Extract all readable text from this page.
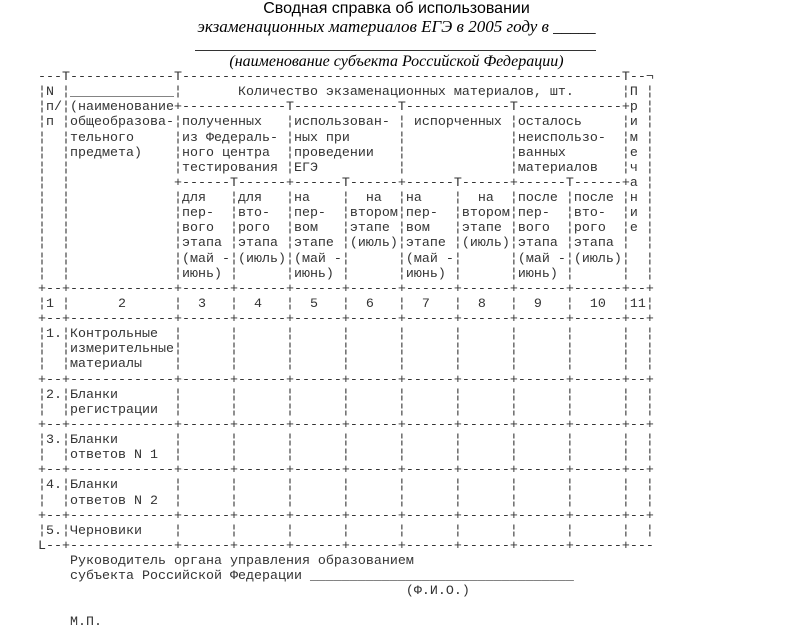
Сводная справка об использовании
экзаменационных материалов ЕГЭ в 2005 году в _____
(наименование субъекта Российской Федерации)
---T-------------T-------------------------------------------------------T--¬
¦N ¦_____________¦       Количество экзаменационных материалов, шт.      ¦П ¦
¦п/¦(наименование+-------------T-------------T-------------T-------------+р ¦
¦п ¦общеобразова-¦полученных   ¦использован- ¦ испорченных ¦осталось     ¦и ¦
¦  ¦тельного     ¦из Федераль- ¦ных при      ¦             ¦неиспользо-  ¦м ¦
¦  ¦предмета)    ¦ного центра  ¦проведении   ¦             ¦ванных       ¦е ¦
¦  ¦             ¦тестирования ¦ЕГЭ          ¦             ¦материалов   ¦ч ¦
¦  ¦             +------T------+------T------+------T------+------T------+а ¦
¦  ¦             ¦для   ¦для   ¦на    ¦  на  ¦на    ¦  на  ¦после ¦после ¦н ¦
¦  ¦             ¦пер-  ¦вто-  ¦пер-  ¦втором¦пер-  ¦втором¦пер-  ¦вто-  ¦и ¦
¦  ¦             ¦вого  ¦рого  ¦вом   ¦этапе ¦вом   ¦этапе ¦вого  ¦рого  ¦е ¦
¦  ¦             ¦этапа ¦этапа ¦этапе ¦(июль)¦этапе ¦(июль)¦этапа ¦этапа ¦  ¦
¦  ¦             ¦(май -¦(июль)¦(май -¦      ¦(май -¦      ¦(май -¦(июль)¦  ¦
¦  ¦             ¦июнь) ¦      ¦июнь) ¦      ¦июнь) ¦      ¦июнь) ¦      ¦  ¦
+--+-------------+------+------+------+------+------+------+------+------+--+
¦1 ¦      2      ¦  3   ¦  4   ¦  5   ¦  6   ¦  7   ¦  8   ¦  9   ¦  10  ¦11¦
+--+-------------+------+------+------+------+------+------+------+------+--+
¦1.¦Контрольные  ¦      ¦      ¦      ¦      ¦      ¦      ¦      ¦      ¦  ¦
¦  ¦измерительные¦      ¦      ¦      ¦      ¦      ¦      ¦      ¦      ¦  ¦
¦  ¦материалы    ¦      ¦      ¦      ¦      ¦      ¦      ¦      ¦      ¦  ¦
+--+-------------+------+------+------+------+------+------+------+------+--+
¦2.¦Бланки       ¦      ¦      ¦      ¦      ¦      ¦      ¦      ¦      ¦  ¦
¦  ¦регистрации  ¦      ¦      ¦      ¦      ¦      ¦      ¦      ¦      ¦  ¦
+--+-------------+------+------+------+------+------+------+------+------+--+
¦3.¦Бланки       ¦      ¦      ¦      ¦      ¦      ¦      ¦      ¦      ¦  ¦
¦  ¦ответов N 1  ¦      ¦      ¦      ¦      ¦      ¦      ¦      ¦      ¦  ¦
+--+-------------+------+------+------+------+------+------+------+------+--+
¦4.¦Бланки       ¦      ¦      ¦      ¦      ¦      ¦      ¦      ¦      ¦  ¦
¦  ¦ответов N 2  ¦      ¦      ¦      ¦      ¦      ¦      ¦      ¦      ¦  ¦
+--+-------------+------+------+------+------+------+------+------+------+--+
¦5.¦Черновики    ¦      ¦      ¦      ¦      ¦      ¦      ¦      ¦      ¦  ¦
L--+-------------+------+------+------+------+------+------+------+------+---
Руководитель органа управления образованием
субъекта Российской Федерации _________________________________
(Ф.И.О.)
М.П.
